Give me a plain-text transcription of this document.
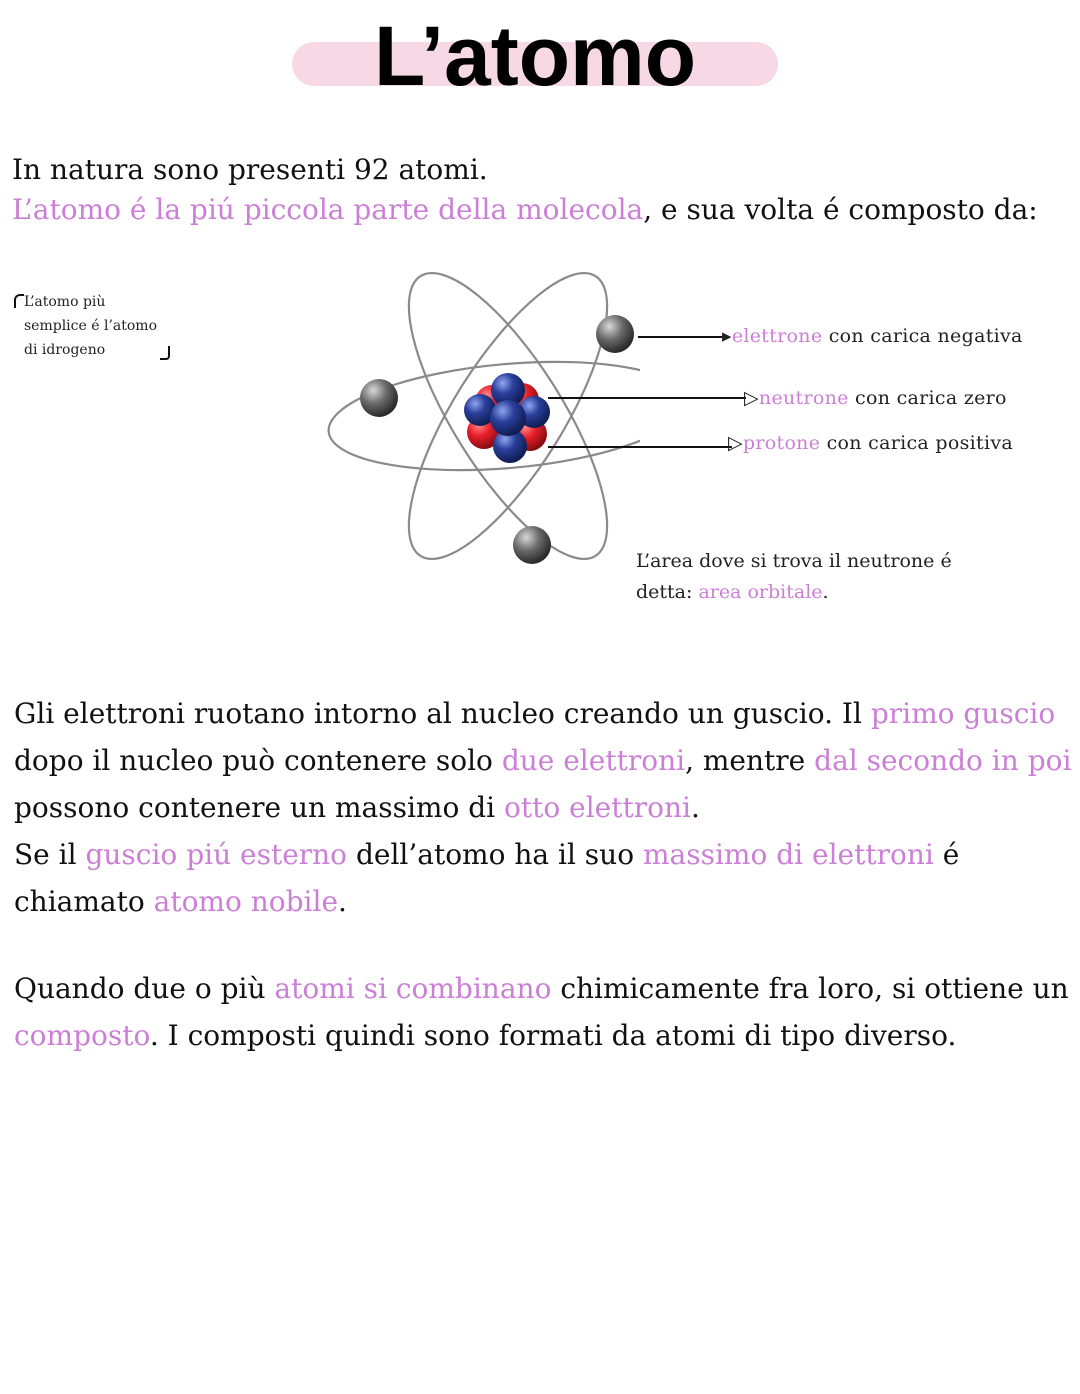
L’atomo

In natura sono presenti 92 atomi.
L’atomo é la piú piccola parte della molecola, e sua volta é composto da:

L’atomo più
semplice é l’atomo
di idrogeno
▸elettrone con carica negativa
▷neutrone con carica zero
▷protone con carica positiva
L’area dove si trova il neutrone é
detta: area orbitale.

Gli elettroni ruotano intorno al nucleo creando un guscio. Il primo guscio dopo il nucleo può contenere solo due elettroni, mentre dal secondo in poi possono contenere un massimo di otto elettroni.

Se il guscio piú esterno dell’atomo ha il suo massimo di elettroni é chiamato atomo nobile.

Quando due o più atomi si combinano chimicamente fra loro, si ottiene un composto. I composti quindi sono formati da atomi di tipo diverso.
